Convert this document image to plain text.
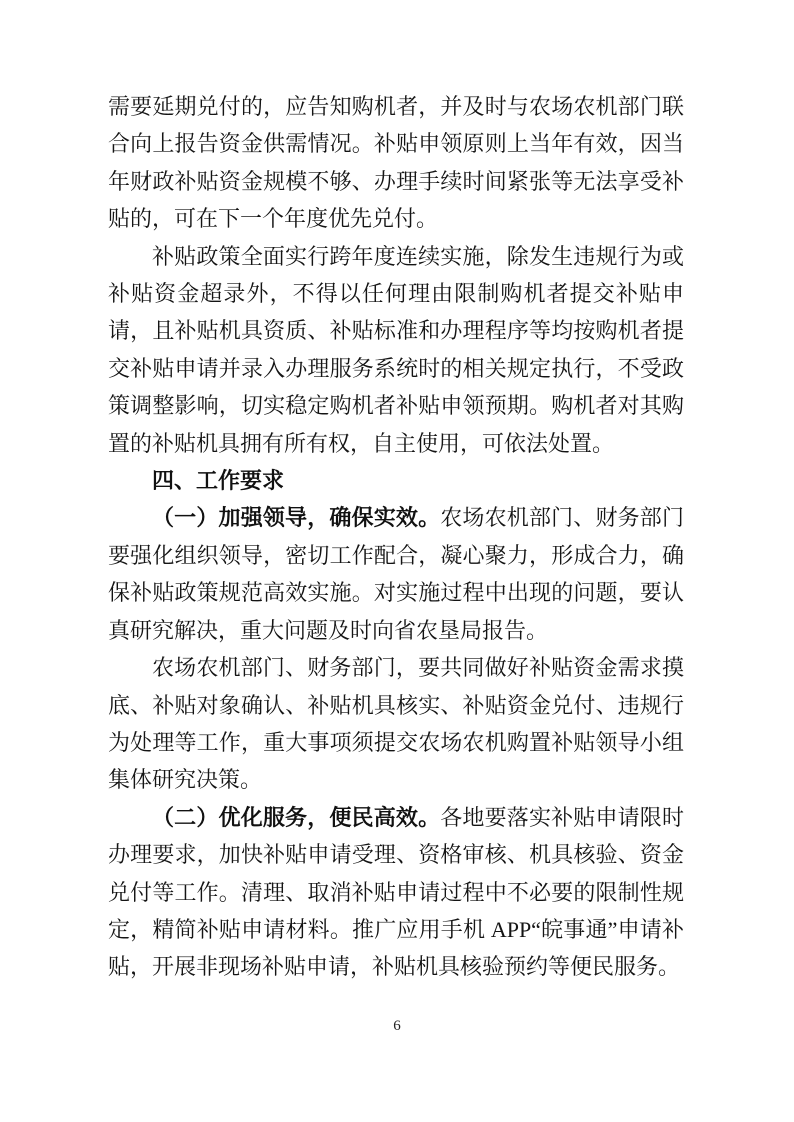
需要延期兑付的，应告知购机者，并及时与农场农机部门联合向上报告资金供需情况。补贴申领原则上当年有效，因当年财政补贴资金规模不够、办理手续时间紧张等无法享受补贴的，可在下一个年度优先兑付。

补贴政策全面实行跨年度连续实施，除发生违规行为或补贴资金超录外，不得以任何理由限制购机者提交补贴申请，且补贴机具资质、补贴标准和办理程序等均按购机者提交补贴申请并录入办理服务系统时的相关规定执行，不受政策调整影响，切实稳定购机者补贴申领预期。购机者对其购置的补贴机具拥有所有权，自主使用，可依法处置。

四、工作要求

（一）加强领导，确保实效。农场农机部门、财务部门要强化组织领导，密切工作配合，凝心聚力，形成合力，确保补贴政策规范高效实施。对实施过程中出现的问题，要认真研究解决，重大问题及时向省农垦局报告。

农场农机部门、财务部门，要共同做好补贴资金需求摸底、补贴对象确认、补贴机具核实、补贴资金兑付、违规行为处理等工作，重大事项须提交农场农机购置补贴领导小组集体研究决策。

（二）优化服务，便民高效。各地要落实补贴申请限时办理要求，加快补贴申请受理、资格审核、机具核验、资金兑付等工作。清理、取消补贴申请过程中不必要的限制性规定，精简补贴申请材料。推广应用手机 APP“皖事通”申请补贴，开展非现场补贴申请，补贴机具核验预约等便民服务。

6
